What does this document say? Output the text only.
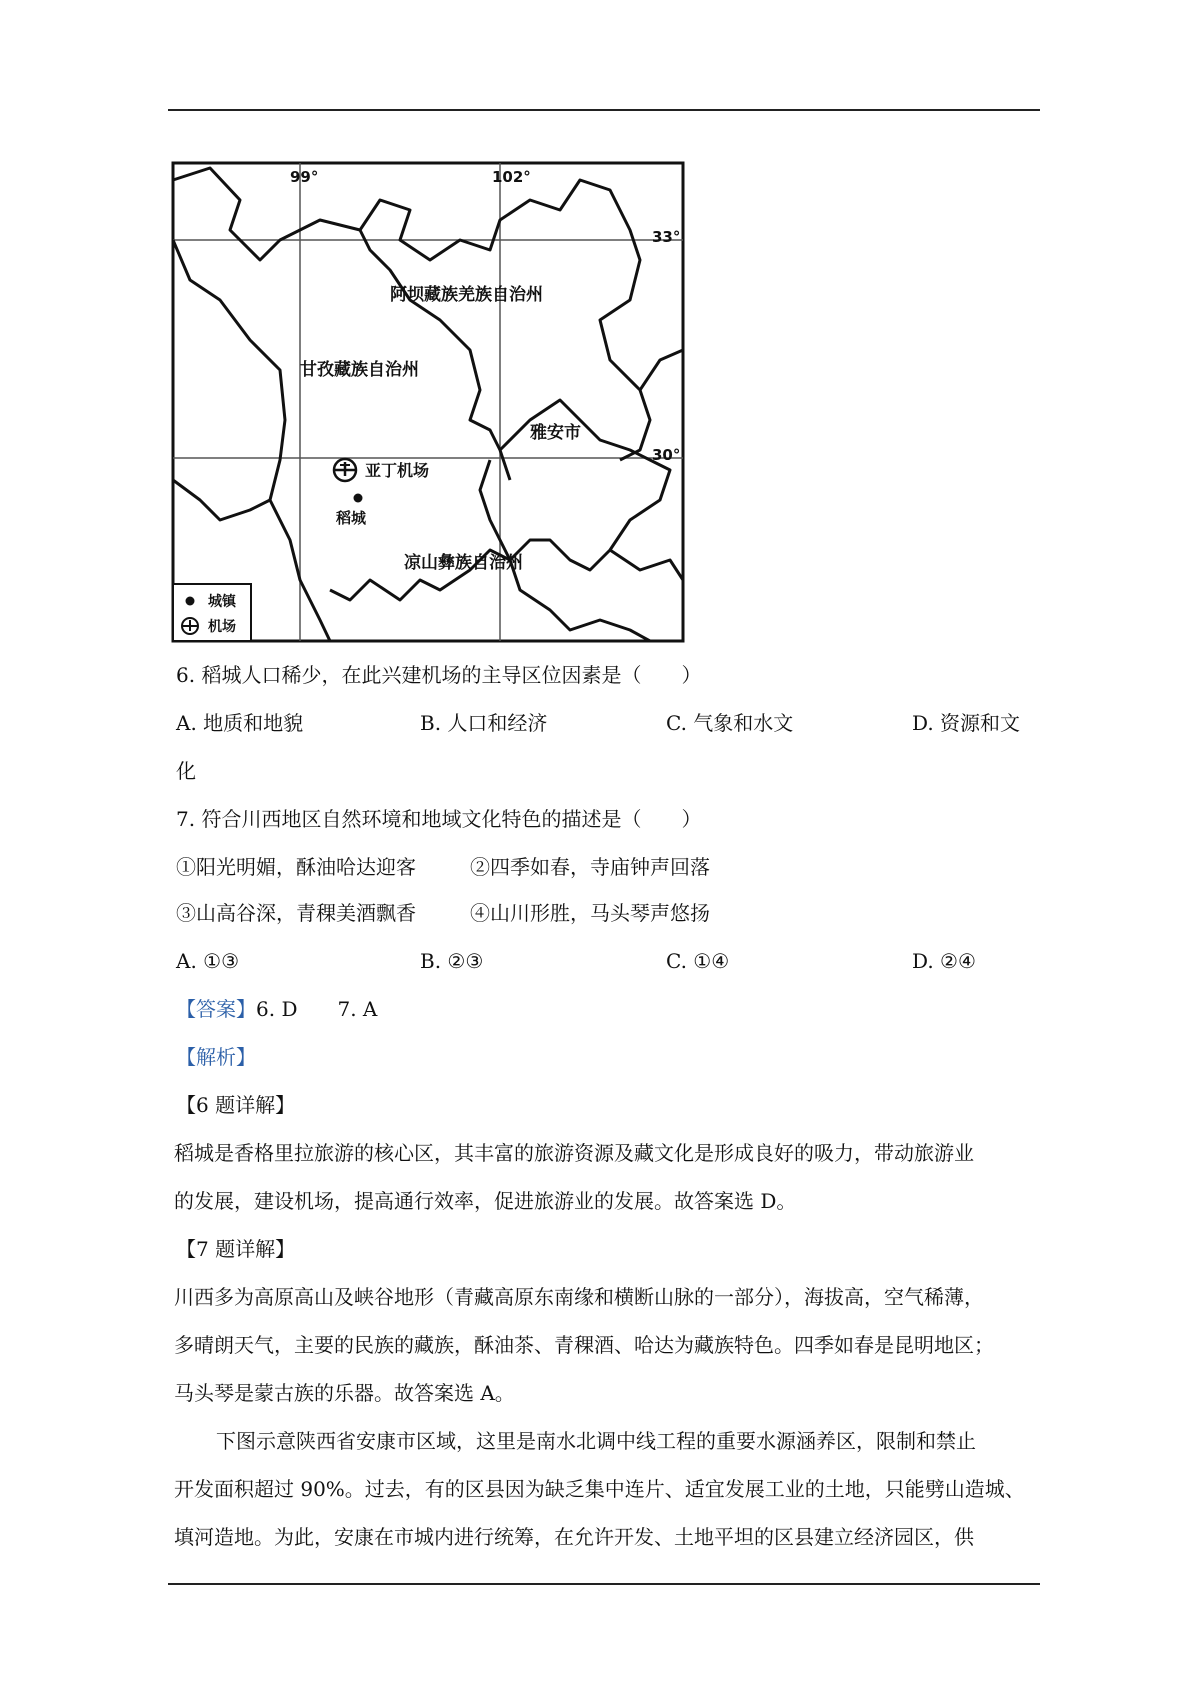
99°	102°
33°
30°
阿坝藏族羌族自治州
甘孜藏族自治州
雅安市
凉山彝族自治州
亚丁机场
稻城
城镇
机场
6. 稻城人口稀少，在此兴建机场的主导区位因素是（　　）
A. 地质和地貌	B. 人口和经济	C. 气象和水文	D. 资源和文
化
7. 符合川西地区自然环境和地域文化特色的描述是（　　）
①阳光明媚，酥油哈达迎客	②四季如春，寺庙钟声回落
③山高谷深，青稞美酒飘香	④山川形胜，马头琴声悠扬
A. ①③	B. ②③	C. ①④	D. ②④
【答案】6. D　　7. A
【解析】
【6 题详解】
稻城是香格里拉旅游的核心区，其丰富的旅游资源及藏文化是形成良好的吸力，带动旅游业
的发展，建设机场，提高通行效率，促进旅游业的发展。故答案选 D。
【7 题详解】
川西多为高原高山及峡谷地形（青藏高原东南缘和横断山脉的一部分），海拔高，空气稀薄，
多晴朗天气，主要的民族的藏族，酥油茶、青稞酒、哈达为藏族特色。四季如春是昆明地区；
马头琴是蒙古族的乐器。故答案选 A。
下图示意陕西省安康市区域，这里是南水北调中线工程的重要水源涵养区，限制和禁止
开发面积超过 90%。过去，有的区县因为缺乏集中连片、适宜发展工业的土地，只能劈山造城、
填河造地。为此，安康在市城内进行统筹，在允许开发、土地平坦的区县建立经济园区，供
